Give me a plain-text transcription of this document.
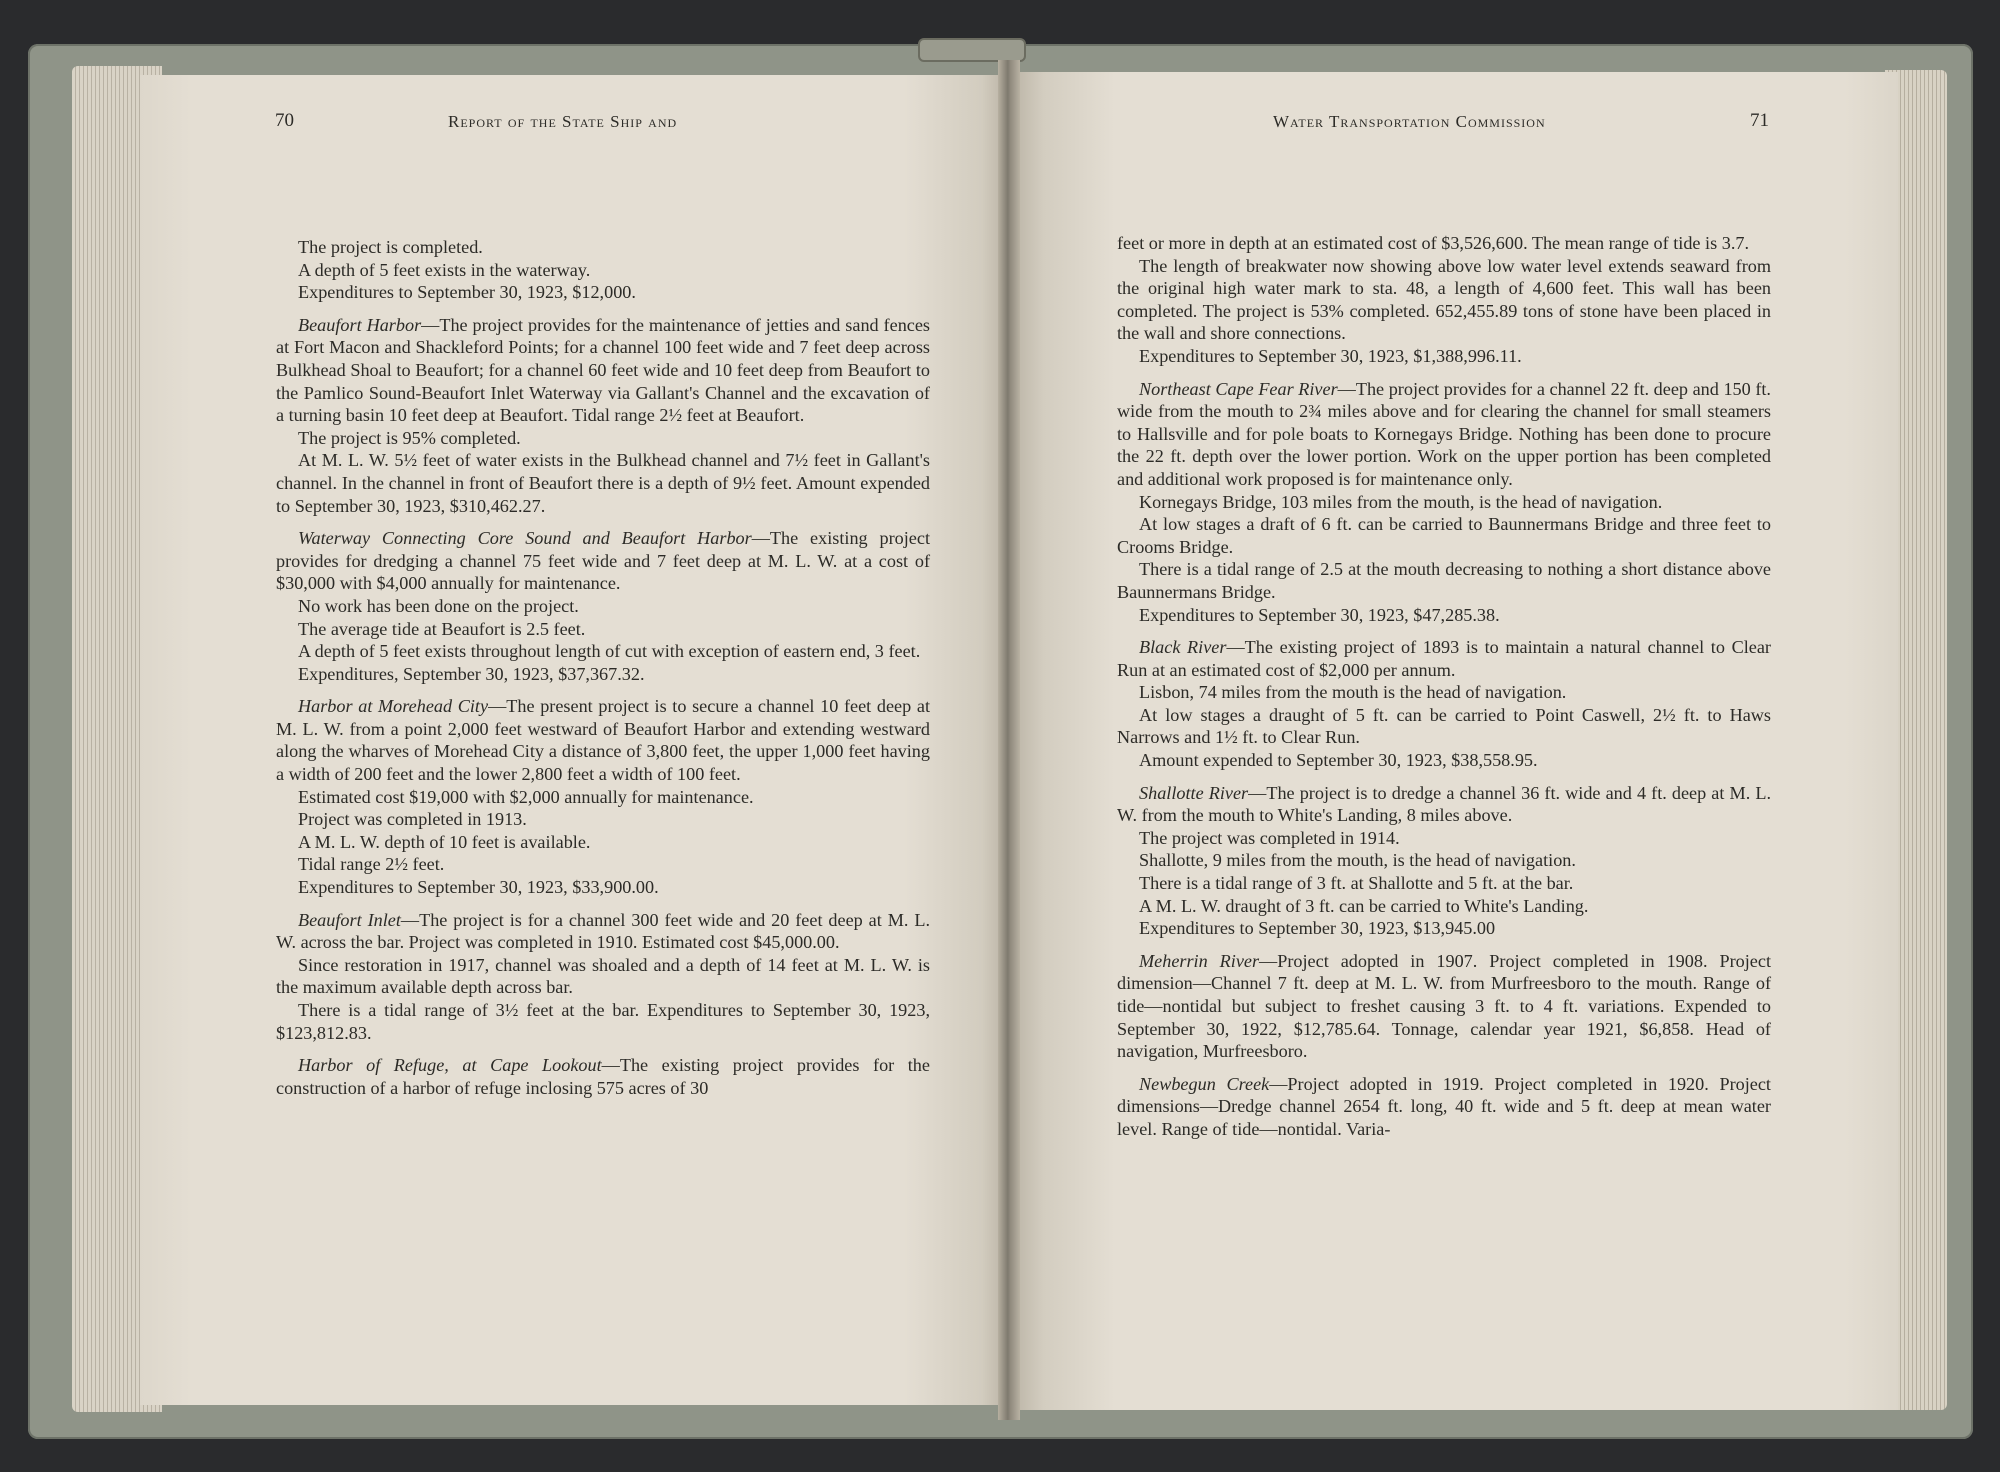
70	Report of the State Ship and	Water Transportation Commission	71

The project is completed.

A depth of 5 feet exists in the waterway.

Expenditures to September 30, 1923, $12,000.

Beaufort Harbor—The project provides for the maintenance of jetties and sand fences at Fort Macon and Shackleford Points; for a channel 100 feet wide and 7 feet deep across Bulkhead Shoal to Beaufort; for a channel 60 feet wide and 10 feet deep from Beaufort to the Pamlico Sound-Beaufort Inlet Waterway via Gallant's Channel and the excavation of a turning basin 10 feet deep at Beaufort. Tidal range 2½ feet at Beaufort.

The project is 95% completed.

At M. L. W. 5½ feet of water exists in the Bulkhead channel and 7½ feet in Gallant's channel. In the channel in front of Beaufort there is a depth of 9½ feet. Amount expended to September 30, 1923, $310,462.27.

Waterway Connecting Core Sound and Beaufort Harbor—The existing project provides for dredging a channel 75 feet wide and 7 feet deep at M. L. W. at a cost of $30,000 with $4,000 annually for maintenance.

No work has been done on the project.

The average tide at Beaufort is 2.5 feet.

A depth of 5 feet exists throughout length of cut with exception of eastern end, 3 feet.

Expenditures, September 30, 1923, $37,367.32.

Harbor at Morehead City—The present project is to secure a channel 10 feet deep at M. L. W. from a point 2,000 feet westward of Beaufort Harbor and extending westward along the wharves of Morehead City a distance of 3,800 feet, the upper 1,000 feet having a width of 200 feet and the lower 2,800 feet a width of 100 feet.

Estimated cost $19,000 with $2,000 annually for maintenance.

Project was completed in 1913.

A M. L. W. depth of 10 feet is available.

Tidal range 2½ feet.

Expenditures to September 30, 1923, $33,900.00.

Beaufort Inlet—The project is for a channel 300 feet wide and 20 feet deep at M. L. W. across the bar. Project was completed in 1910. Estimated cost $45,000.00.

Since restoration in 1917, channel was shoaled and a depth of 14 feet at M. L. W. is the maximum available depth across bar.

There is a tidal range of 3½ feet at the bar. Expenditures to September 30, 1923, $123,812.83.

Harbor of Refuge, at Cape Lookout—The existing project provides for the construction of a harbor of refuge inclosing 575 acres of 30

feet or more in depth at an estimated cost of $3,526,600. The mean range of tide is 3.7.

The length of breakwater now showing above low water level extends seaward from the original high water mark to sta. 48, a length of 4,600 feet. This wall has been completed. The project is 53% completed. 652,455.89 tons of stone have been placed in the wall and shore connections.

Expenditures to September 30, 1923, $1,388,996.11.

Northeast Cape Fear River—The project provides for a channel 22 ft. deep and 150 ft. wide from the mouth to 2¾ miles above and for clearing the channel for small steamers to Hallsville and for pole boats to Kornegays Bridge. Nothing has been done to procure the 22 ft. depth over the lower portion. Work on the upper portion has been completed and additional work proposed is for maintenance only.

Kornegays Bridge, 103 miles from the mouth, is the head of navigation.

At low stages a draft of 6 ft. can be carried to Baunnermans Bridge and three feet to Crooms Bridge.

There is a tidal range of 2.5 at the mouth decreasing to nothing a short distance above Baunnermans Bridge.

Expenditures to September 30, 1923, $47,285.38.

Black River—The existing project of 1893 is to maintain a natural channel to Clear Run at an estimated cost of $2,000 per annum.

Lisbon, 74 miles from the mouth is the head of navigation.

At low stages a draught of 5 ft. can be carried to Point Caswell, 2½ ft. to Haws Narrows and 1½ ft. to Clear Run.

Amount expended to September 30, 1923, $38,558.95.

Shallotte River—The project is to dredge a channel 36 ft. wide and 4 ft. deep at M. L. W. from the mouth to White's Landing, 8 miles above.

The project was completed in 1914.

Shallotte, 9 miles from the mouth, is the head of navigation.

There is a tidal range of 3 ft. at Shallotte and 5 ft. at the bar.

A M. L. W. draught of 3 ft. can be carried to White's Landing.

Expenditures to September 30, 1923, $13,945.00

Meherrin River—Project adopted in 1907. Project completed in 1908. Project dimension—Channel 7 ft. deep at M. L. W. from Murfreesboro to the mouth. Range of tide—nontidal but subject to freshet causing 3 ft. to 4 ft. variations. Expended to September 30, 1922, $12,785.64. Tonnage, calendar year 1921, $6,858. Head of navigation, Murfreesboro.

Newbegun Creek—Project adopted in 1919. Project completed in 1920. Project dimensions—Dredge channel 2654 ft. long, 40 ft. wide and 5 ft. deep at mean water level. Range of tide—nontidal. Varia-
